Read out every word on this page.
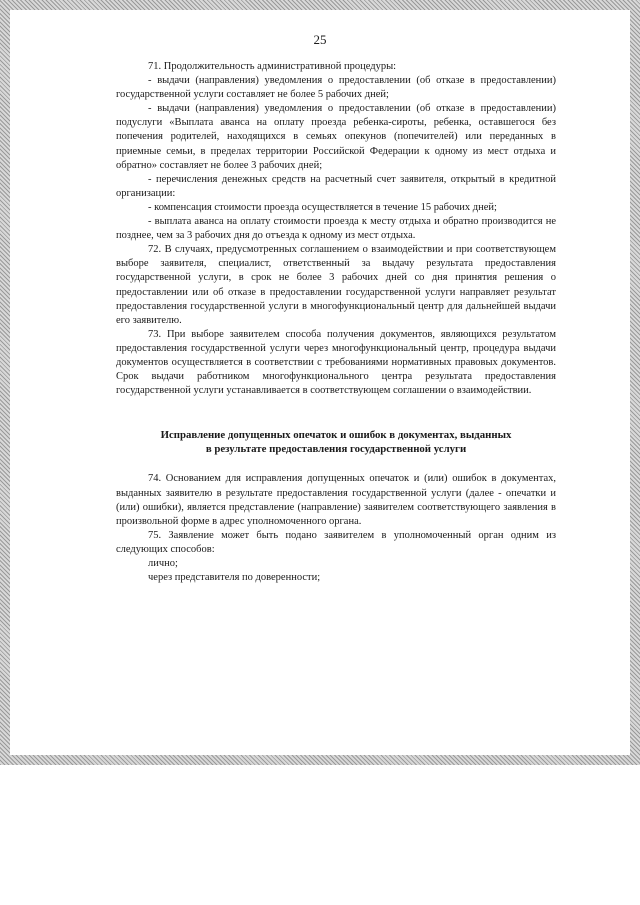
25

71. Продолжительность административной процедуры:

- выдачи (направления) уведомления о предоставлении (об отказе в предоставлении) государственной услуги составляет не более 5 рабочих дней;

- выдачи (направления) уведомления о предоставлении (об отказе в предоставлении) подуслуги «Выплата аванса на оплату проезда ребенка-сироты, ребенка, оставшегося без попечения родителей, находящихся в семьях опекунов (попечителей) или переданных в приемные семьи, в пределах территории Российской Федерации к одному из мест отдыха и обратно» составляет не более 3 рабочих дней;

- перечисления денежных средств на расчетный счет заявителя, открытый в кредитной организации:

- компенсация стоимости проезда осуществляется в течение 15 рабочих дней;

- выплата аванса на оплату стоимости проезда к месту отдыха и обратно производится не позднее, чем за 3 рабочих дня до отъезда к одному из мест отдыха.

72. В случаях, предусмотренных соглашением о взаимодействии и при соответствующем выборе заявителя, специалист, ответственный за выдачу результата предоставления государственной услуги, в срок не более 3 рабочих дней со дня принятия решения о предоставлении или об отказе в предоставлении государственной услуги направляет результат предоставления государственной услуги в многофункциональный центр для дальнейшей выдачи его заявителю.

73. При выборе заявителем способа получения документов, являющихся результатом предоставления государственной услуги через многофункциональный центр, процедура выдачи документов осуществляется в соответствии с требованиями нормативных правовых документов. Срок выдачи работником многофункционального центра результата предоставления государственной услуги устанавливается в соответствующем соглашении о взаимодействии.

Исправление допущенных опечаток и ошибок в документах, выданных

в результате предоставления государственной услуги

74. Основанием для исправления допущенных опечаток и (или) ошибок в документах, выданных заявителю в результате предоставления государственной услуги (далее - опечатки и (или) ошибки), является представление (направление) заявителем соответствующего заявления в произвольной форме в адрес уполномоченного органа.

75. Заявление может быть подано заявителем в уполномоченный орган одним из следующих способов:

лично;

через представителя по доверенности;
